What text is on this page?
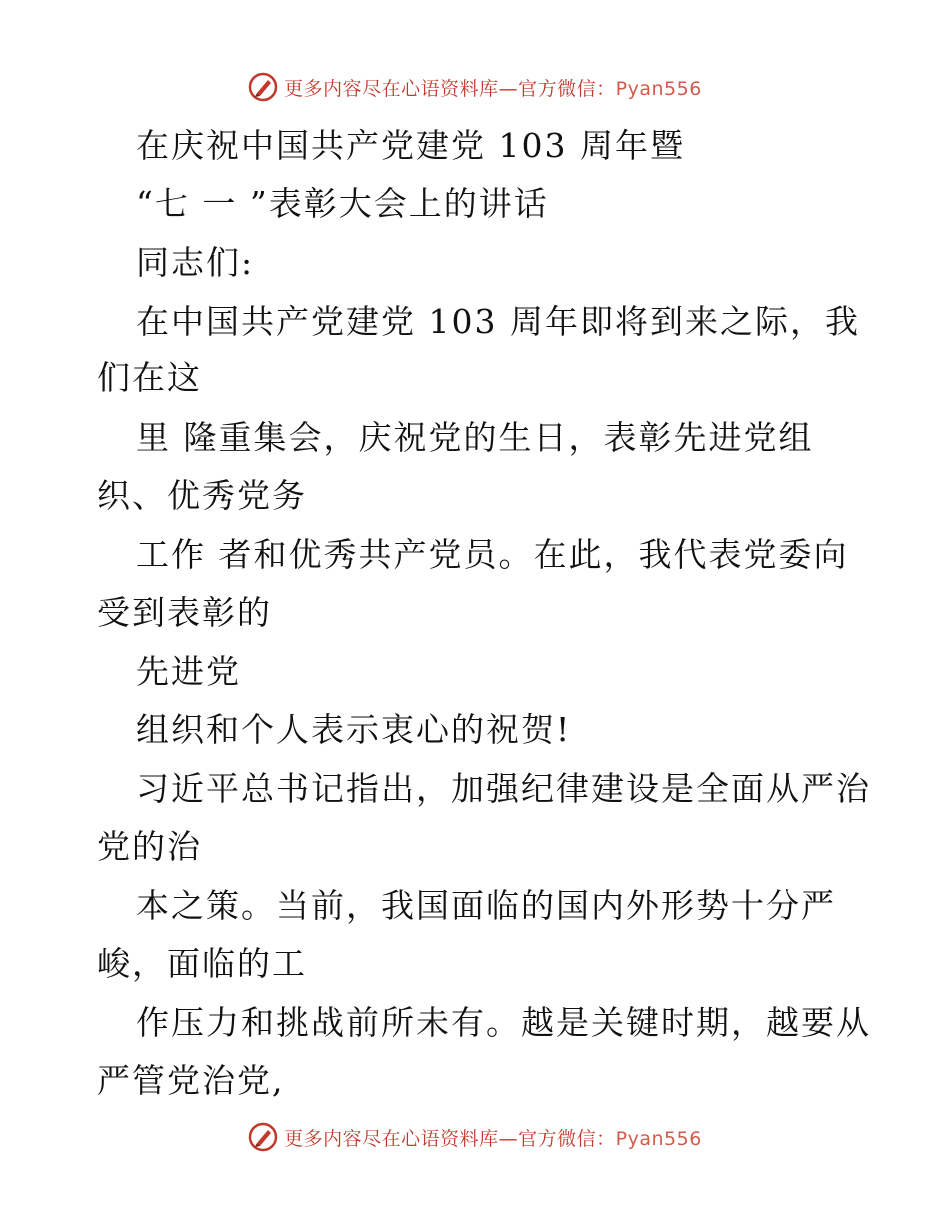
更多内容尽在心语资料库—官方微信：Pyan556
在庆祝中国共产党建党 103 周年暨
“七 一 ”表彰大会上的讲话
同志们:
在中国共产党建党 103 周年即将到来之际，我
们在这
里 隆重集会，庆祝党的生日，表彰先进党组
织、优秀党务
工作 者和优秀共产党员。在此，我代表党委向
受到表彰的
先进党
组织和个人表示衷心的祝贺!
习近平总书记指出，加强纪律建设是全面从严治
党的治
本之策。当前，我国面临的国内外形势十分严
峻，面临的工
作压力和挑战前所未有。越是关键时期，越要从
严管党治党,
更多内容尽在心语资料库—官方微信：Pyan556
